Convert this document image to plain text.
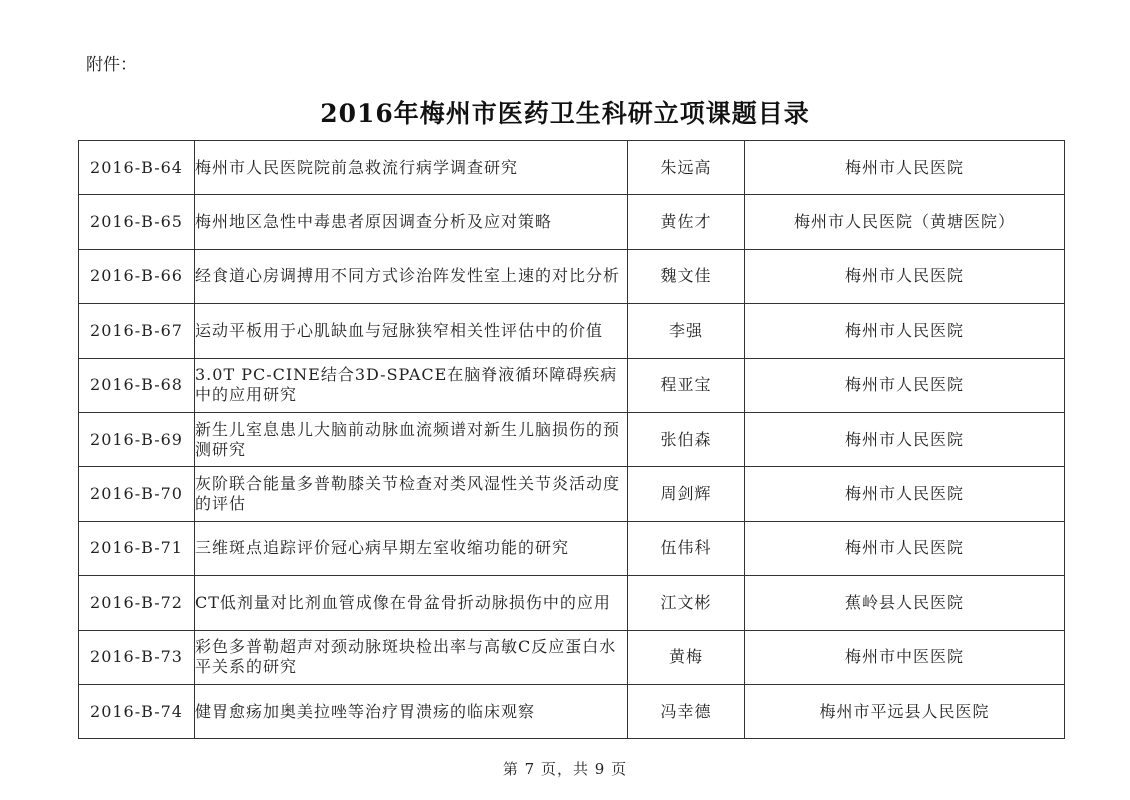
附件：
2016年梅州市医药卫生科研立项课题目录
2016-B-64	梅州市人民医院院前急救流行病学调查研究	朱远高	梅州市人民医院
2016-B-65	梅州地区急性中毒患者原因调查分析及应对策略	黄佐才	梅州市人民医院（黄塘医院）
2016-B-66	经食道心房调搏用不同方式诊治阵发性室上速的对比分析	魏文佳	梅州市人民医院
2016-B-67	运动平板用于心肌缺血与冠脉狭窄相关性评估中的价值	李强	梅州市人民医院
2016-B-68	3.0T PC-CINE结合3D-SPACE在脑脊液循环障碍疾病中的应用研究	程亚宝	梅州市人民医院
2016-B-69	新生儿室息患儿大脑前动脉血流频谱对新生儿脑损伤的预测研究	张伯森	梅州市人民医院
2016-B-70	灰阶联合能量多普勒膝关节检查对类风湿性关节炎活动度的评估	周剑辉	梅州市人民医院
2016-B-71	三维斑点追踪评价冠心病早期左室收缩功能的研究	伍伟科	梅州市人民医院
2016-B-72	CT低剂量对比剂血管成像在骨盆骨折动脉损伤中的应用	江文彬	蕉岭县人民医院
2016-B-73	彩色多普勒超声对颈动脉斑块检出率与高敏C反应蛋白水平关系的研究	黄梅	梅州市中医医院
2016-B-74	健胃愈疡加奥美拉唑等治疗胃溃疡的临床观察	冯幸德	梅州市平远县人民医院
第 7 页，共 9 页
